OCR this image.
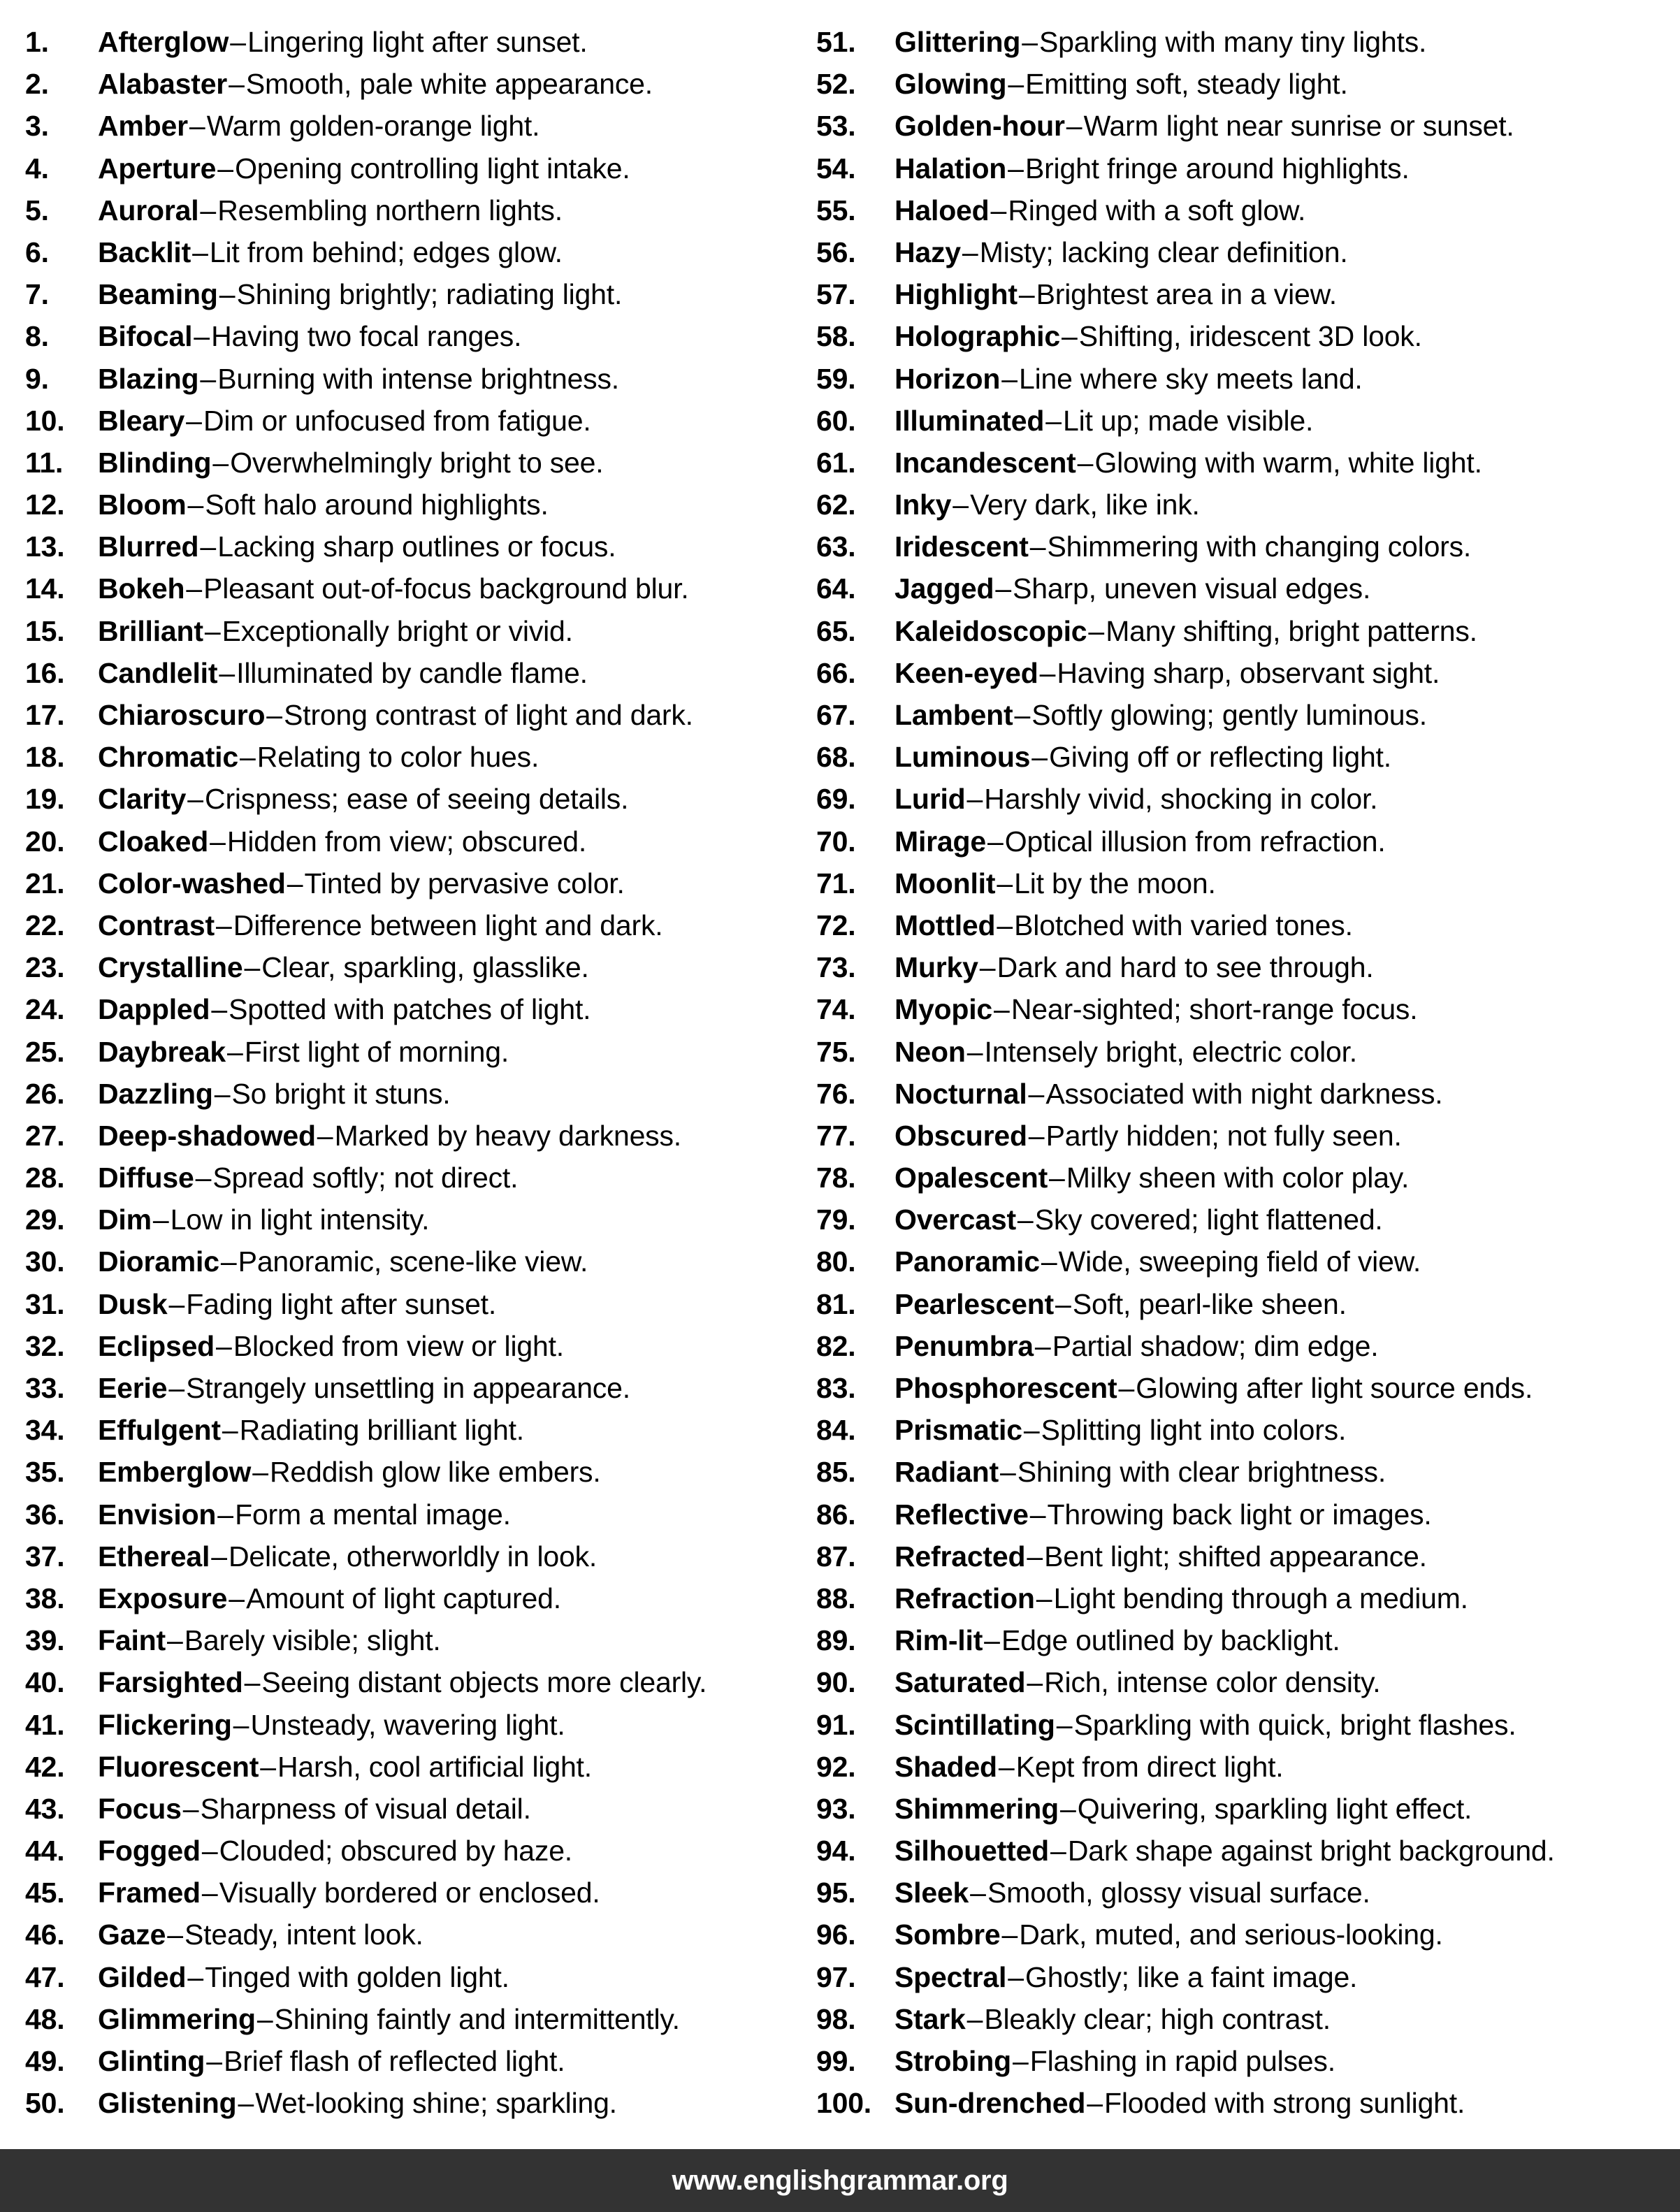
1.	Afterglow – Lingering light after sunset.
2.	Alabaster – Smooth, pale white appearance.
3.	Amber – Warm golden-orange light.
4.	Aperture – Opening controlling light intake.
5.	Auroral – Resembling northern lights.
6.	Backlit – Lit from behind; edges glow.
7.	Beaming – Shining brightly; radiating light.
8.	Bifocal – Having two focal ranges.
9.	Blazing – Burning with intense brightness.
10.	Bleary – Dim or unfocused from fatigue.
11.	Blinding – Overwhelmingly bright to see.
12.	Bloom – Soft halo around highlights.
13.	Blurred – Lacking sharp outlines or focus.
14.	Bokeh – Pleasant out-of-focus background blur.
15.	Brilliant – Exceptionally bright or vivid.
16.	Candlelit – Illuminated by candle flame.
17.	Chiaroscuro – Strong contrast of light and dark.
18.	Chromatic – Relating to color hues.
19.	Clarity – Crispness; ease of seeing details.
20.	Cloaked – Hidden from view; obscured.
21.	Color-washed – Tinted by pervasive color.
22.	Contrast – Difference between light and dark.
23.	Crystalline – Clear, sparkling, glasslike.
24.	Dappled – Spotted with patches of light.
25.	Daybreak – First light of morning.
26.	Dazzling – So bright it stuns.
27.	Deep-shadowed – Marked by heavy darkness.
28.	Diffuse – Spread softly; not direct.
29.	Dim – Low in light intensity.
30.	Dioramic – Panoramic, scene-like view.
31.	Dusk – Fading light after sunset.
32.	Eclipsed – Blocked from view or light.
33.	Eerie – Strangely unsettling in appearance.
34.	Effulgent – Radiating brilliant light.
35.	Emberglow – Reddish glow like embers.
36.	Envision – Form a mental image.
37.	Ethereal – Delicate, otherworldly in look.
38.	Exposure – Amount of light captured.
39.	Faint – Barely visible; slight.
40.	Farsighted – Seeing distant objects more clearly.
41.	Flickering – Unsteady, wavering light.
42.	Fluorescent – Harsh, cool artificial light.
43.	Focus – Sharpness of visual detail.
44.	Fogged – Clouded; obscured by haze.
45.	Framed – Visually bordered or enclosed.
46.	Gaze – Steady, intent look.
47.	Gilded – Tinged with golden light.
48.	Glimmering – Shining faintly and intermittently.
49.	Glinting – Brief flash of reflected light.
50.	Glistening – Wet-looking shine; sparkling.
51.	Glittering – Sparkling with many tiny lights.
52.	Glowing – Emitting soft, steady light.
53.	Golden-hour – Warm light near sunrise or sunset.
54.	Halation – Bright fringe around highlights.
55.	Haloed – Ringed with a soft glow.
56.	Hazy – Misty; lacking clear definition.
57.	Highlight – Brightest area in a view.
58.	Holographic – Shifting, iridescent 3D look.
59.	Horizon – Line where sky meets land.
60.	Illuminated – Lit up; made visible.
61.	Incandescent – Glowing with warm, white light.
62.	Inky – Very dark, like ink.
63.	Iridescent – Shimmering with changing colors.
64.	Jagged – Sharp, uneven visual edges.
65.	Kaleidoscopic – Many shifting, bright patterns.
66.	Keen-eyed – Having sharp, observant sight.
67.	Lambent – Softly glowing; gently luminous.
68.	Luminous – Giving off or reflecting light.
69.	Lurid – Harshly vivid, shocking in color.
70.	Mirage – Optical illusion from refraction.
71.	Moonlit – Lit by the moon.
72.	Mottled – Blotched with varied tones.
73.	Murky – Dark and hard to see through.
74.	Myopic – Near-sighted; short-range focus.
75.	Neon – Intensely bright, electric color.
76.	Nocturnal – Associated with night darkness.
77.	Obscured – Partly hidden; not fully seen.
78.	Opalescent – Milky sheen with color play.
79.	Overcast – Sky covered; light flattened.
80.	Panoramic – Wide, sweeping field of view.
81.	Pearlescent – Soft, pearl-like sheen.
82.	Penumbra – Partial shadow; dim edge.
83.	Phosphorescent – Glowing after light source ends.
84.	Prismatic – Splitting light into colors.
85.	Radiant – Shining with clear brightness.
86.	Reflective – Throwing back light or images.
87.	Refracted – Bent light; shifted appearance.
88.	Refraction – Light bending through a medium.
89.	Rim-lit – Edge outlined by backlight.
90.	Saturated – Rich, intense color density.
91.	Scintillating – Sparkling with quick, bright flashes.
92.	Shaded – Kept from direct light.
93.	Shimmering – Quivering, sparkling light effect.
94.	Silhouetted – Dark shape against bright background.
95.	Sleek – Smooth, glossy visual surface.
96.	Sombre – Dark, muted, and serious-looking.
97.	Spectral – Ghostly; like a faint image.
98.	Stark – Bleakly clear; high contrast.
99.	Strobing – Flashing in rapid pulses.
100. Sun-drenched – Flooded with strong sunlight.
www.englishgrammar.org
